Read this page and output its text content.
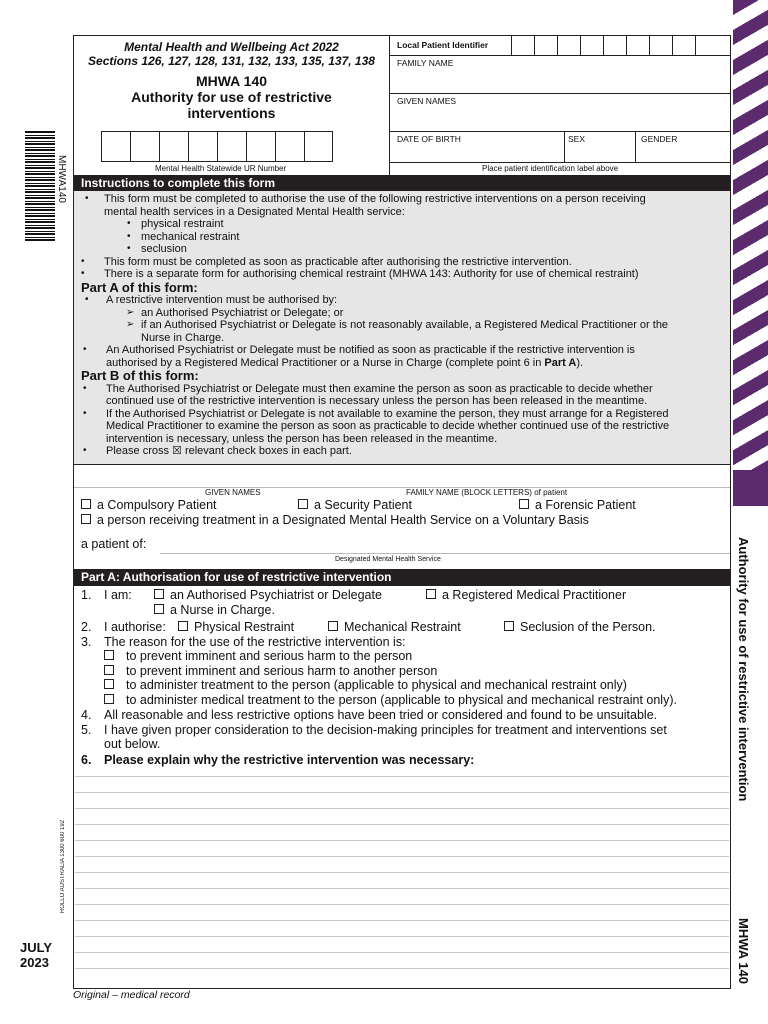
Authority for use of restrictive intervention
MHWA 140
MHWA140
ROLLO AUSTRALIA 1300 600 192
JULY
2023
Original – medical record
Mental Health and Wellbeing Act 2022
Sections 126, 127, 128, 131, 132, 133, 135, 137, 138
MHWA 140
Authority for use of restrictive
interventions
Mental Health Statewide UR Number
Local Patient Identifier
FAMILY NAME
GIVEN NAMES
DATE OF BIRTH	SEX	GENDER
Place patient identification label above
Instructions to complete this form
• This form must be completed to authorise the use of the following restrictive interventions on a person receiving
mental health services in a Designated Mental Health service:
• physical restraint
• mechanical restraint
• seclusion
• This form must be completed as soon as practicable after authorising the restrictive intervention.
• There is a separate form for authorising chemical restraint (MHWA 143: Authority for use of chemical restraint)
Part A of this form:
• A restrictive intervention must be authorised by:
➢ an Authorised Psychiatrist or Delegate; or
➢ if an Authorised Psychiatrist or Delegate is not reasonably available, a Registered Medical Practitioner or the
Nurse in Charge.
• An Authorised Psychiatrist or Delegate must be notified as soon as practicable if the restrictive intervention is
authorised by a Registered Medical Practitioner or a Nurse in Charge (complete point 6 in Part A).
Part B of this form:
• The Authorised Psychiatrist or Delegate must then examine the person as soon as practicable to decide whether
continued use of the restrictive intervention is necessary unless the person has been released in the meantime.
• If the Authorised Psychiatrist or Delegate is not available to examine the person, they must arrange for a Registered
Medical Practitioner to examine the person as soon as practicable to decide whether continued use of the restrictive
intervention is necessary, unless the person has been released in the meantime.
• Please cross ☒ relevant check boxes in each part.
GIVEN NAMES	FAMILY NAME (BLOCK LETTERS) of patient
a Compulsory Patient	a Security Patient	a Forensic Patient
a person receiving treatment in a Designated Mental Health Service on a Voluntary Basis
a patient of:
Designated Mental Health Service
Part A: Authorisation for use of restrictive intervention
1. I am:	an Authorised Psychiatrist or Delegate	a Registered Medical Practitioner
a Nurse in Charge.
2. I authorise:	Physical Restraint	Mechanical Restraint	Seclusion of the Person.
3. The reason for the use of the restrictive intervention is:
to prevent imminent and serious harm to the person
to prevent imminent and serious harm to another person
to administer treatment to the person (applicable to physical and mechanical restraint only)
to administer medical treatment to the person (applicable to physical and mechanical restraint only).
4. All reasonable and less restrictive options have been tried or considered and found to be unsuitable.
5. I have given proper consideration to the decision-making principles for treatment and interventions set
out below.
6. Please explain why the restrictive intervention was necessary:
